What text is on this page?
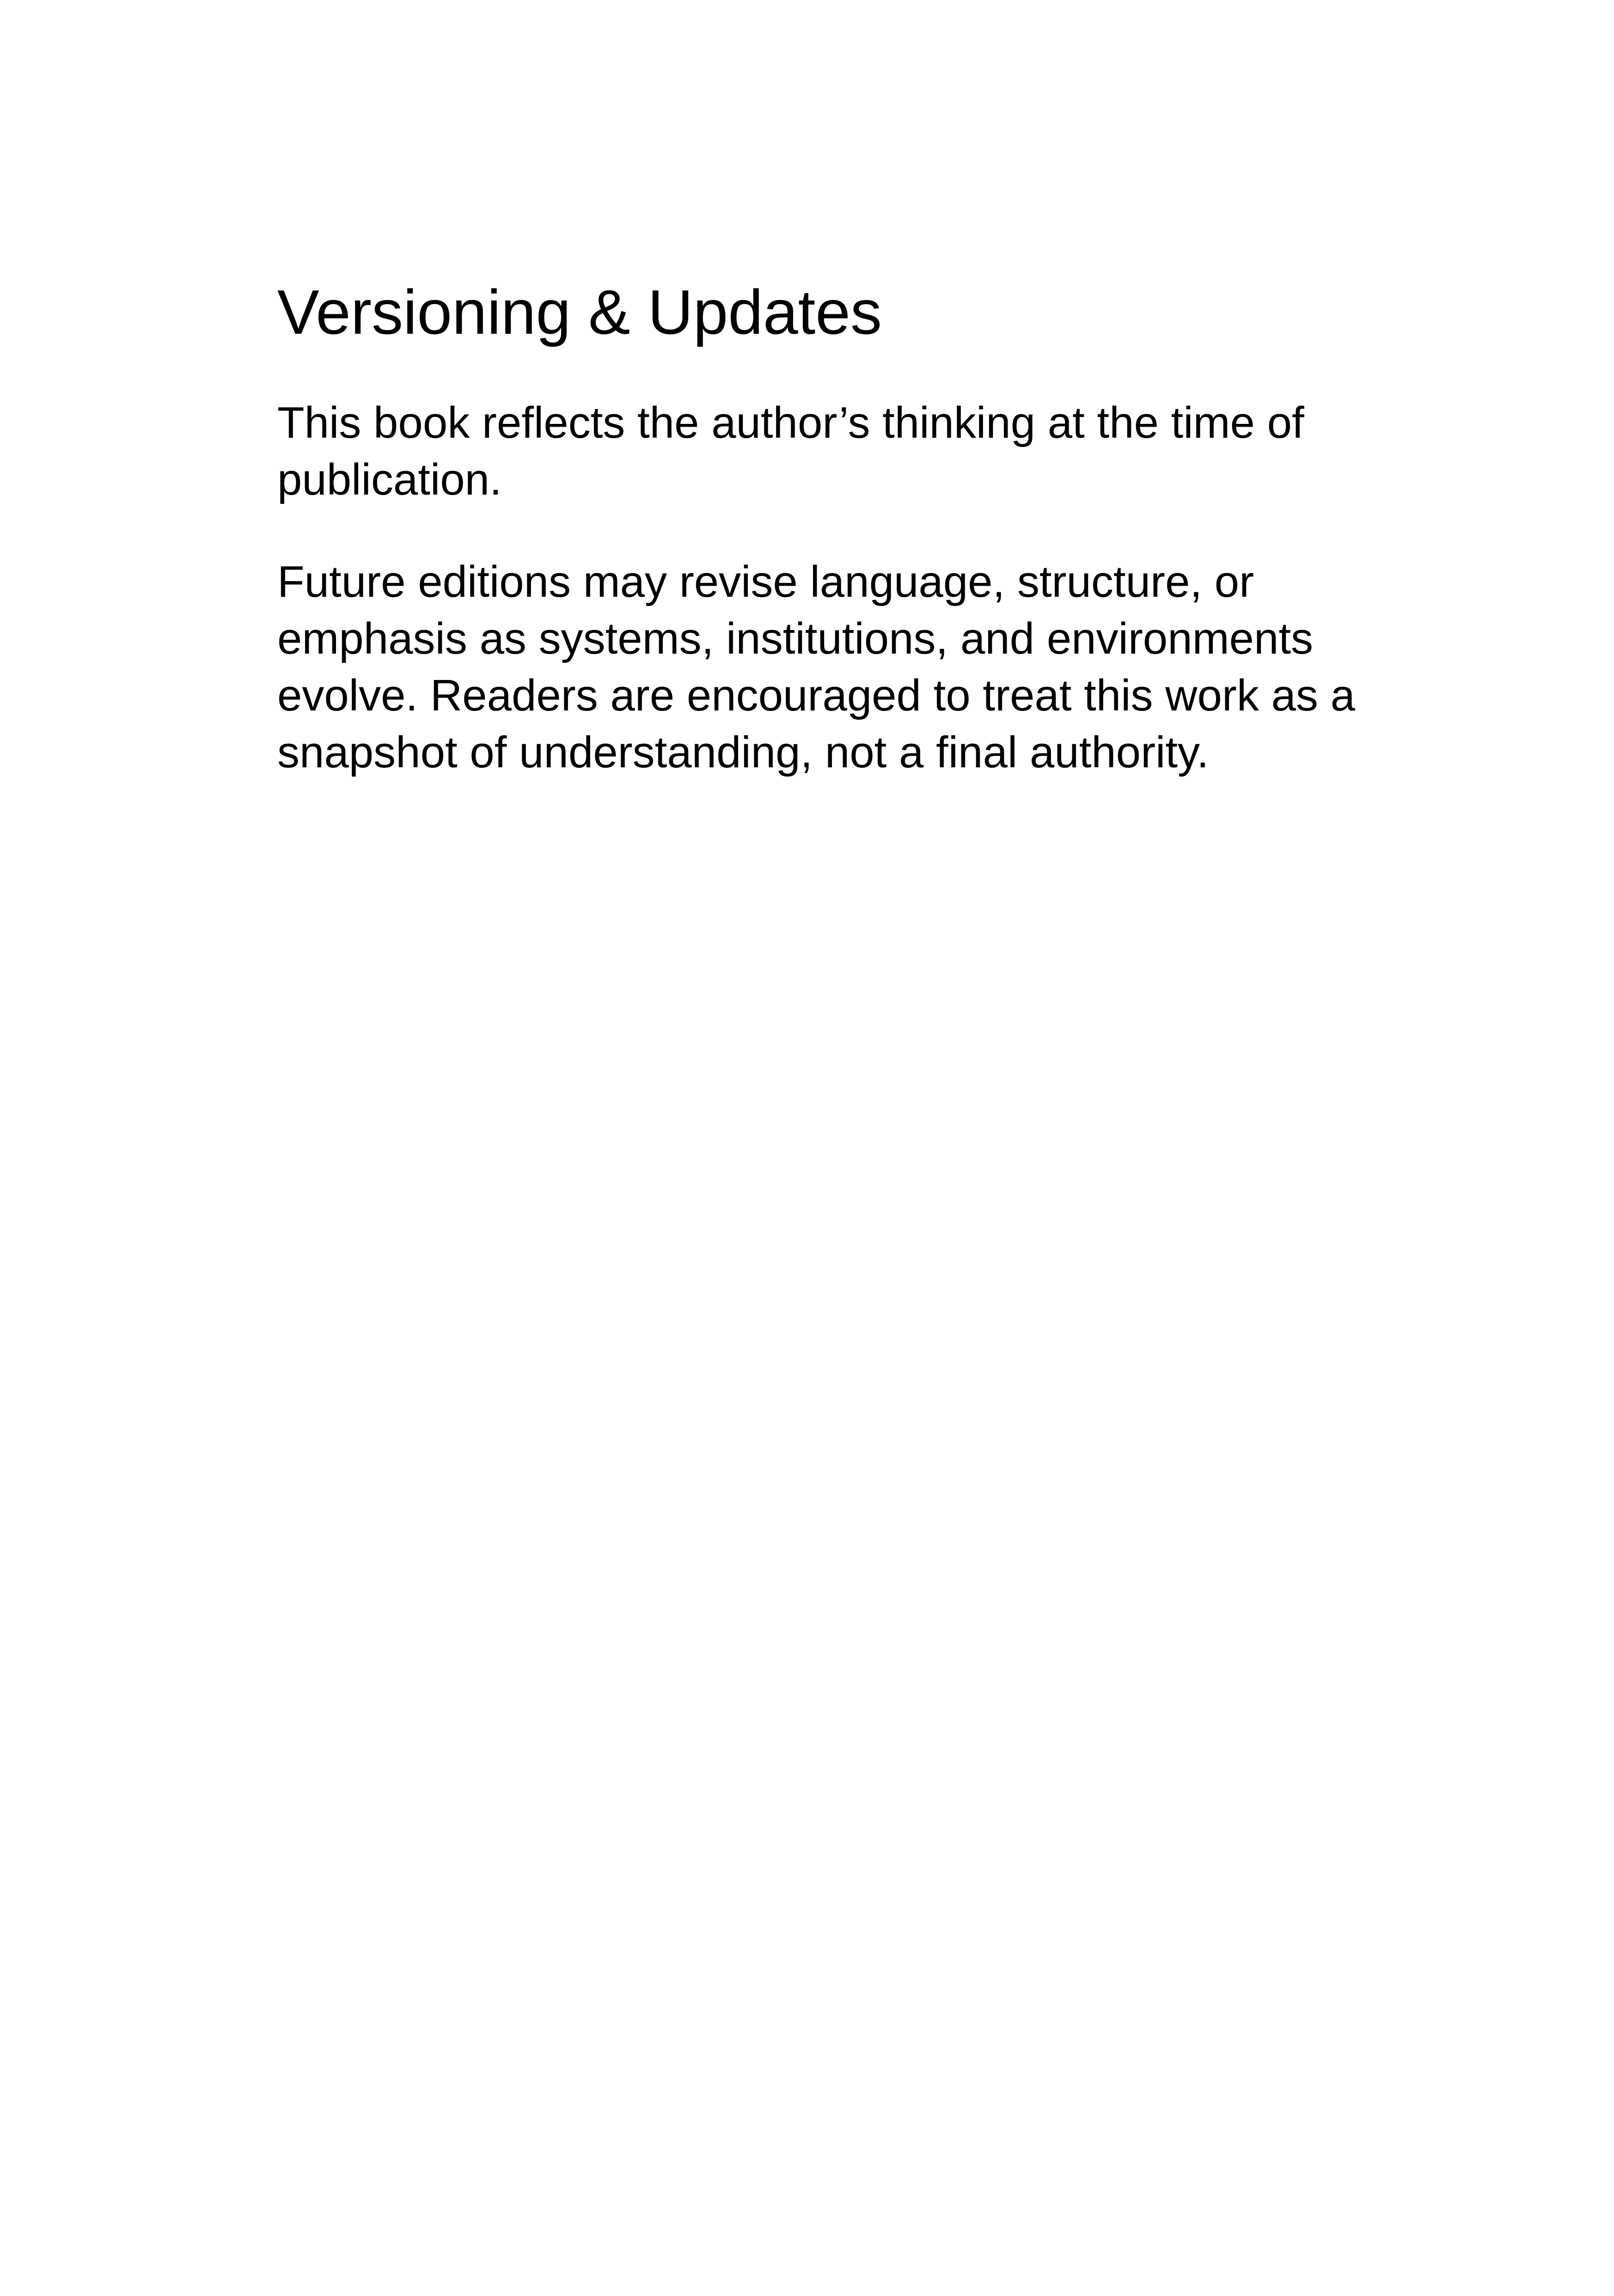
Versioning & Updates

This book reflects the author’s thinking at the time of publication.

Future editions may revise language, structure, or emphasis as systems, institutions, and environments evolve. Readers are encouraged to treat this work as a snapshot of understanding, not a final authority.
